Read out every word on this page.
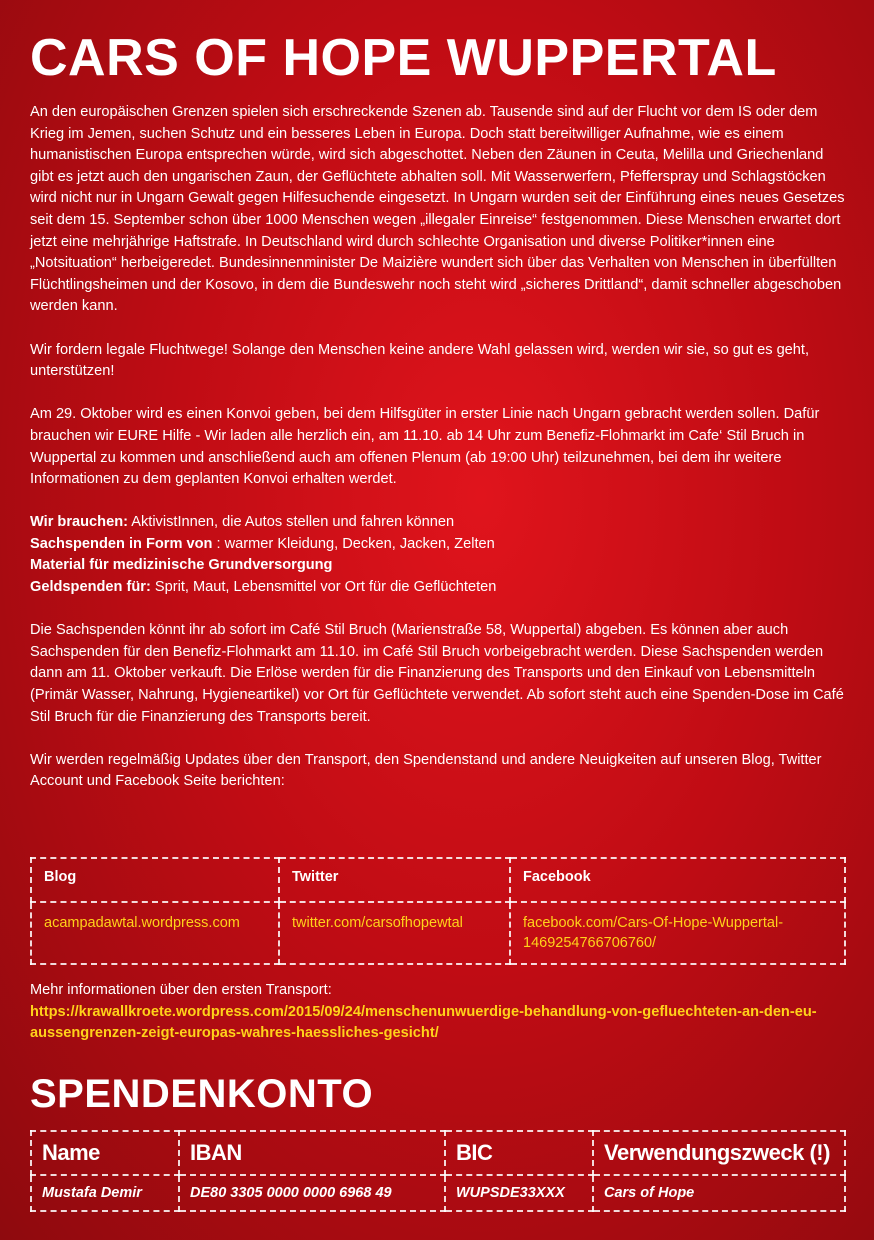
CARS OF HOPE WUPPERTAL

An den europäischen Grenzen spielen sich erschreckende Szenen ab. Tausende sind auf der Flucht vor dem IS oder dem Krieg im Jemen, suchen Schutz und ein besseres Leben in Europa. Doch statt bereitwilliger Aufnahme, wie es einem humanistischen Europa entsprechen würde, wird sich abgeschottet. Neben den Zäunen in Ceuta, Melilla und Griechenland gibt es jetzt auch den ungarischen Zaun, der Geflüchtete abhalten soll. Mit Wasserwerfern, Pfefferspray und Schlagstöcken wird nicht nur in Ungarn Gewalt gegen Hilfesuchende eingesetzt. In Ungarn wurden seit der Einführung eines neues Gesetzes seit dem 15. September schon über 1000 Menschen wegen „illegaler Einreise“ festgenommen. Diese Menschen erwartet dort jetzt eine mehrjährige Haftstrafe. In Deutschland wird durch schlechte Organisation und diverse Politiker*innen eine „Notsituation“ herbeigeredet. Bundesinnenminister De Maizière wundert sich über das Verhalten von Menschen in überfüllten Flüchtlingsheimen und der Kosovo, in dem die Bundeswehr noch steht wird „sicheres Drittland“, damit schneller abgeschoben werden kann.

Wir fordern legale Fluchtwege! Solange den Menschen keine andere Wahl gelassen wird, werden wir sie, so gut es geht, unterstützen!

Am 29. Oktober wird es einen Konvoi geben, bei dem Hilfsgüter in erster Linie nach Ungarn gebracht werden sollen. Dafür brauchen wir EURE Hilfe - Wir laden alle herzlich ein, am 11.10. ab 14 Uhr zum Benefiz-Flohmarkt im Cafe‘ Stil Bruch in Wuppertal zu kommen und anschließend auch am offenen Plenum (ab 19:00 Uhr) teilzunehmen, bei dem ihr weitere Informationen zu dem geplanten Konvoi erhalten werdet.

Wir brauchen: AktivistInnen, die Autos stellen und fahren können
Sachspenden in Form von : warmer Kleidung, Decken, Jacken, Zelten
Material für medizinische Grundversorgung
Geldspenden für: Sprit, Maut, Lebensmittel vor Ort für die Geflüchteten

Die Sachspenden könnt ihr ab sofort im Café Stil Bruch (Marienstraße 58, Wuppertal) abgeben. Es können aber auch Sachspenden für den Benefiz-Flohmarkt am 11.10. im Café Stil Bruch vorbeigebracht werden. Diese Sachspenden werden dann am 11. Oktober verkauft. Die Erlöse werden für die Finanzierung des Transports und den Einkauf von Lebensmitteln (Primär Wasser, Nahrung, Hygieneartikel) vor Ort für Geflüchtete verwendet. Ab sofort steht auch eine Spenden-Dose im Café Stil Bruch für die Finanzierung des Transports bereit.

Wir werden regelmäßig Updates über den Transport, den Spendenstand und andere Neuigkeiten auf unseren Blog, Twitter Account und Facebook Seite berichten:

Blog	Twitter	Facebook
acampadawtal.wordpress.com	twitter.com/carsofhopewtal	facebook.com/Cars-Of-Hope-Wuppertal-1469254766706760/
Mehr informationen über den ersten Transport:
https://krawallkroete.wordpress.com/2015/09/24/menschenunwuerdige-behandlung-von-gefluechteten-an-den-eu-aussengrenzen-zeigt-europas-wahres-haessliches-gesicht/
SPENDENKONTO
Name	IBAN	BIC	Verwendungszweck (!)
Mustafa Demir	DE80 3305 0000 0000 6968 49	WUPSDE33XXX	Cars of Hope
